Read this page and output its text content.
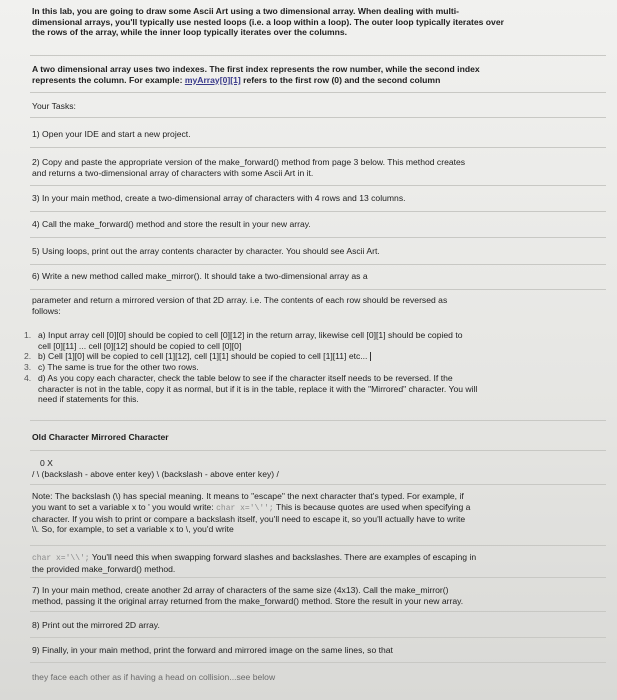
In this lab, you are going to draw some Ascii Art using a two dimensional array. When dealing with multi-
dimensional arrays, you'll typically use nested loops (i.e. a loop within a loop). The outer loop typically iterates over
the rows of the array, while the inner loop typically iterates over the columns.
A two dimensional array uses two indexes. The first index represents the row number, while the second index
represents the column. For example: myArray[0][1] refers to the first row (0) and the second column
Your Tasks:
1) Open your IDE and start a new project.
2) Copy and paste the appropriate version of the make_forward() method from page 3 below. This method creates
and returns a two-dimensional array of characters with some Ascii Art in it.
3) In your main method, create a two-dimensional array of characters with 4 rows and 13 columns.
4) Call the make_forward() method and store the result in your new array.
5) Using loops, print out the array contents character by character. You should see Ascii Art.
6) Write a new method called make_mirror(). It should take a two-dimensional array as a
parameter and return a mirrored version of that 2D array. i.e. The contents of each row should be reversed as
follows:
1. a) Input array cell [0][0] should be copied to cell [0][12] in the return array, likewise cell [0][1] should be copied to
cell [0][11] ... cell [0][12] should be copied to cell [0][0]
2. b) Cell [1][0] will be copied to cell [1][12], cell [1][1] should be copied to cell [1][11] etc...
3. c) The same is true for the other two rows.
4. d) As you copy each character, check the table below to see if the character itself needs to be reversed. If the
character is not in the table, copy it as normal, but if it is in the table, replace it with the "Mirrored" character. You will
need if statements for this.
Old Character Mirrored Character
0 X
/ \ (backslash - above enter key) \ (backslash - above enter key) /
Note: The backslash (\) has special meaning. It means to "escape" the next character that's typed. For example, if
you want to set a variable x to ' you would write: char x='\''; This is because quotes are used when specifying a
character. If you wish to print or compare a backslash itself, you'll need to escape it, so you'll actually have to write
\\. So, for example, to set a variable x to \, you'd write
char x='\\'; You'll need this when swapping forward slashes and backslashes. There are examples of escaping in
the provided make_forward() method.
7) In your main method, create another 2d array of characters of the same size (4x13). Call the make_mirror()
method, passing it the original array returned from the make_forward() method. Store the result in your new array.
8) Print out the mirrored 2D array.
9) Finally, in your main method, print the forward and mirrored image on the same lines, so that
they face each other as if having a head on collision...see below
